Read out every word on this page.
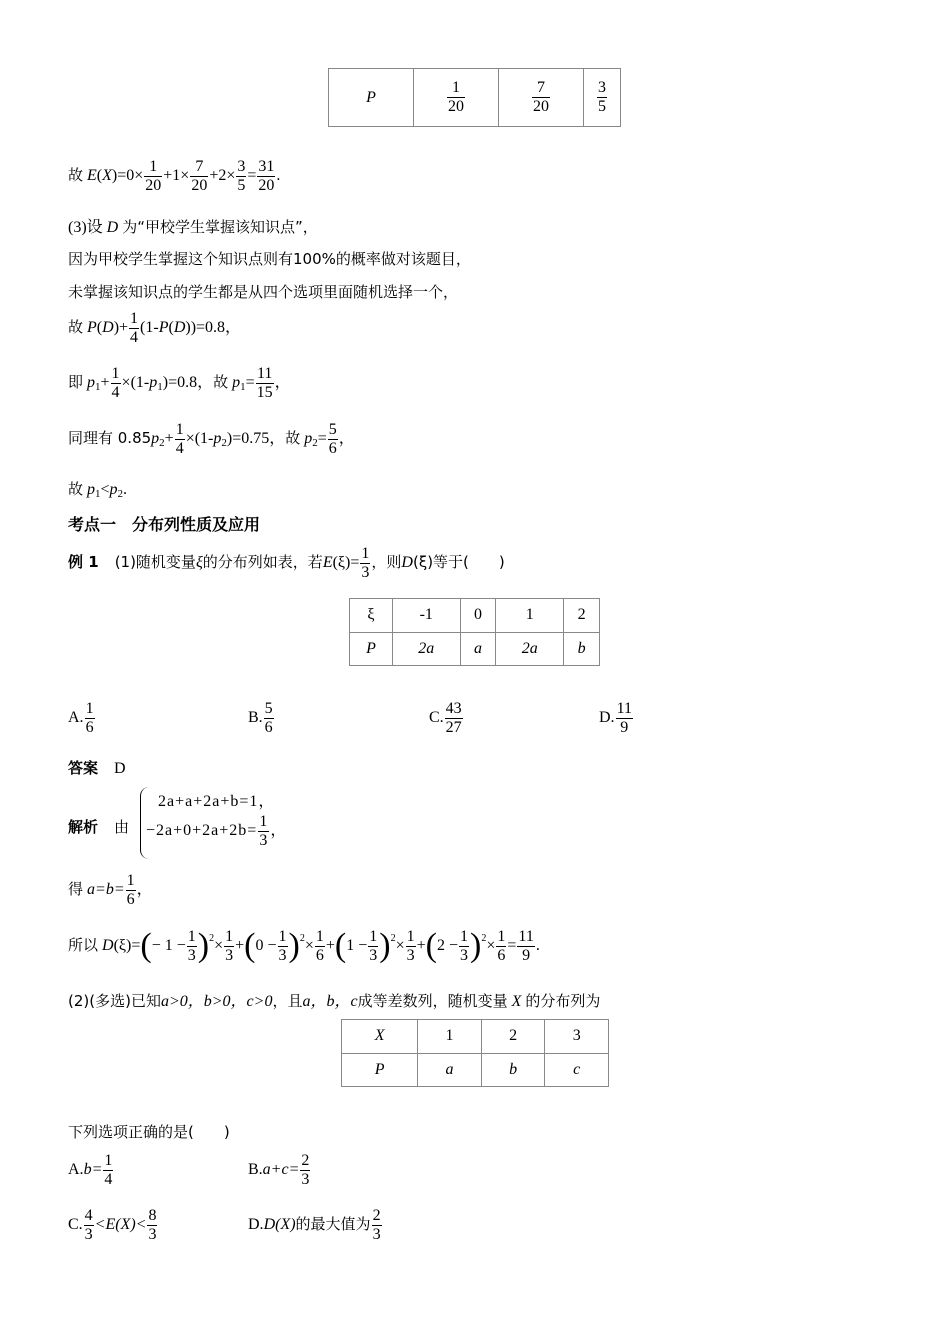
P	$\frac{1}{20}$	$\frac{7}{20}$	$\frac{3}{5}$
故 $E(X)=0\times \frac{1}{20} +1\times \frac{7}{20} +2\times \frac{3}{5} = \frac{31}{20}$ .
(3)设 D 为“甲校学生掌握该知识点”，
因为甲校学生掌握这个知识点则有100%的概率做对该题目，
未掌握该知识点的学生都是从四个选项里面随机选择一个，
故 $P(D)+ \frac{1}{4} (1-P(D))=0.8$，
即 $p_1+ \frac{1}{4} \times(1-p_1)=0.8$，故 $p_1= \frac{11}{15}$ ，
同理有 $0.85p_2+ \frac{1}{4} \times(1-p_2)=0.75$，故 $p_2= \frac{5}{6}$ ，
故 $p_1<p_2$.
考点一　分布列性质及应用
例 1　 (1)随机变量ξ的分布列如表，若$E(\xi)= \frac{1}{3}$ ，则D(ξ)等于(　　)
ξ	-1	0	1	2
P	2a	a	2a	b
A. $\frac{1}{6}$	B. $\frac{5}{6}$	C. $\frac{43}{27}$	D. $\frac{11}{9}$
答案　 D
解析　 由
2a+a+2a+b=1，
$-2a+0+2a+2b= \frac{1}{3}$ ，
得 $a=b= \frac{1}{6}$ ，
所以 $D(\xi)=(- 1 - \frac{1}{3} )^2\times \frac{1}{3} +(0 - \frac{1}{3} )^2\times \frac{1}{6} +(1 - \frac{1}{3} )^2\times \frac{1}{3} +(2 - \frac{1}{3} )^2\times \frac{1}{6} = \frac{11}{9}$ .
(2)(多选)已知a>0，b>0，c>0，且a，b，c成等差数列，随机变量 X 的分布列为
X	1	2	3
P	a	b	c
下列选项正确的是(　　)
$A.b= \frac{1}{4}$	$B.a+c= \frac{2}{3}$
C. $\frac{4}{3} <E(X)< \frac{8}{3}$	D.D(X)的最大值为 $\frac{2}{3}$
